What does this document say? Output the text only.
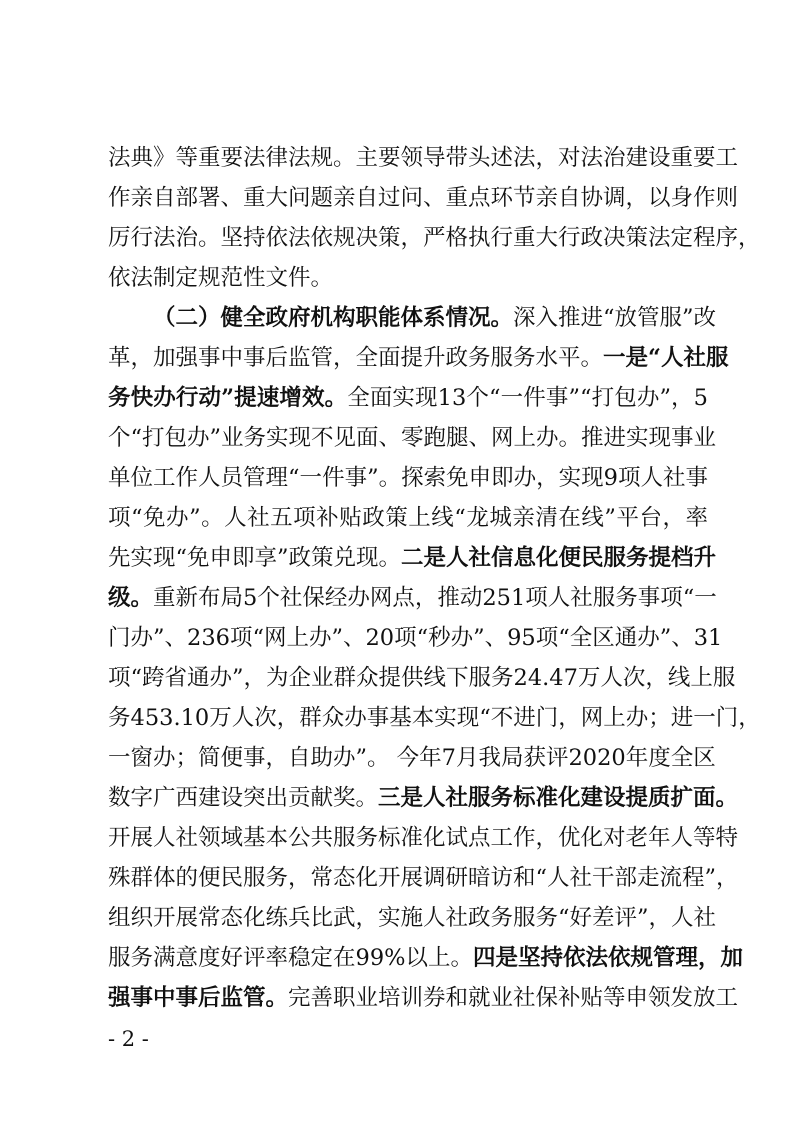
法典》等重要法律法规。主要领导带头述法，对法治建设重要工
作亲自部署、重大问题亲自过问、重点环节亲自协调，以身作则
厉行法治。坚持依法依规决策，严格执行重大行政决策法定程序，
依法制定规范性文件。
（二）健全政府机构职能体系情况。深入推进“放管服”改
革，加强事中事后监管，全面提升政务服务水平。一是“人社服
务快办行动”提速增效。全面实现13个“一件事”“打包办”，5
个“打包办”业务实现不见面、零跑腿、网上办。推进实现事业
单位工作人员管理“一件事”。探索免申即办，实现9项人社事
项“免办”。人社五项补贴政策上线“龙城亲清在线”平台，率
先实现“免申即享”政策兑现。二是人社信息化便民服务提档升
级。重新布局5个社保经办网点，推动251项人社服务事项“一
门办”、236项“网上办”、20项“秒办”、95项“全区通办”、31
项“跨省通办”，为企业群众提供线下服务24.47万人次，线上服
务453.10万人次，群众办事基本实现“不进门，网上办；进一门，
一窗办；简便事，自助办”。 今年7月我局获评2020年度全区
数字广西建设突出贡献奖。三是人社服务标准化建设提质扩面。
开展人社领域基本公共服务标准化试点工作，优化对老年人等特
殊群体的便民服务，常态化开展调研暗访和“人社干部走流程”，
组织开展常态化练兵比武，实施人社政务服务“好差评”，人社
服务满意度好评率稳定在99%以上。四是坚持依法依规管理，加
强事中事后监管。完善职业培训券和就业社保补贴等申领发放工
- 2 -
